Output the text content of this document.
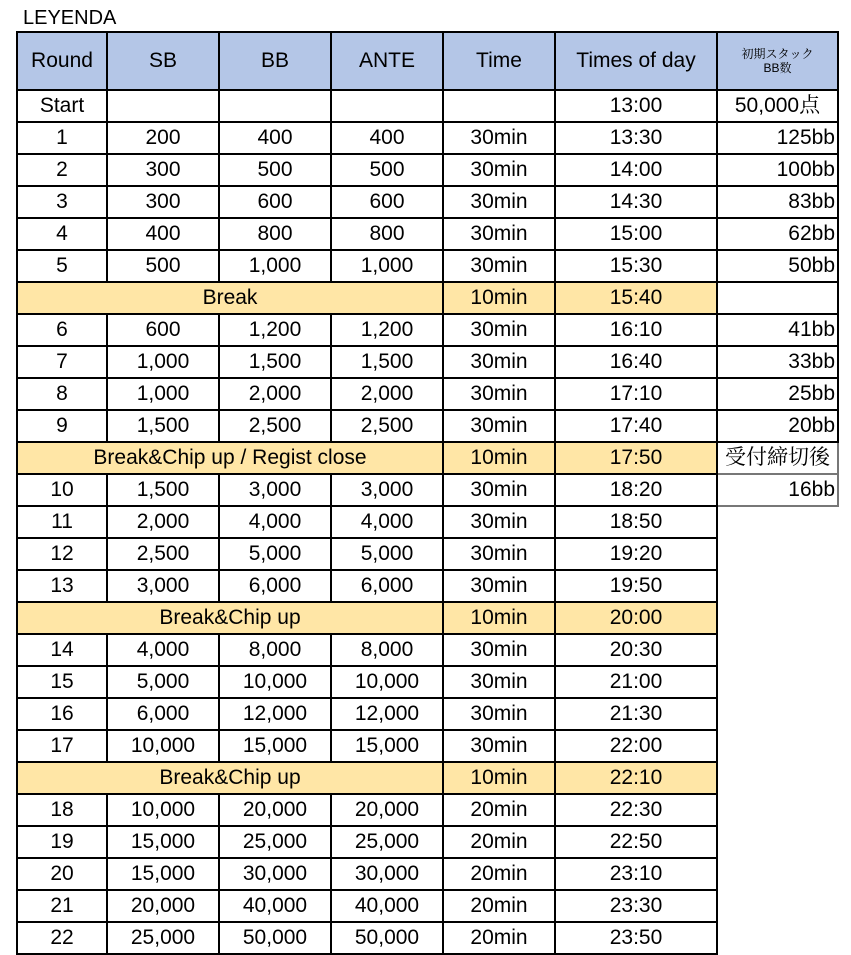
LEYENDA
Round	SB	BB	ANTE	Time	Times of day	初期スタック
BB数

Start					13:00	50,000点
1	200	400	400	30min	13:30	125bb
2	300	500	500	30min	14:00	100bb
3	300	600	600	30min	14:30	83bb
4	400	800	800	30min	15:00	62bb
5	500	1,000	1,000	30min	15:30	50bb
Break				10min	15:40	
6	600	1,200	1,200	30min	16:10	41bb
7	1,000	1,500	1,500	30min	16:40	33bb
8	1,000	2,000	2,000	30min	17:10	25bb
9	1,500	2,500	2,500	30min	17:40	20bb
Break&Chip up / Regist close				10min	17:50	受付締切後
10	1,500	3,000	3,000	30min	18:20	16bb
11	2,000	4,000	4,000	30min	18:50	
12	2,500	5,000	5,000	30min	19:20	
13	3,000	6,000	6,000	30min	19:50	
Break&Chip up				10min	20:00	
14	4,000	8,000	8,000	30min	20:30	
15	5,000	10,000	10,000	30min	21:00	
16	6,000	12,000	12,000	30min	21:30	
17	10,000	15,000	15,000	30min	22:00	
Break&Chip up				10min	22:10	
18	10,000	20,000	20,000	20min	22:30	
19	15,000	25,000	25,000	20min	22:50	
20	15,000	30,000	30,000	20min	23:10	
21	20,000	40,000	40,000	20min	23:30	
22	25,000	50,000	50,000	20min	23:50	
